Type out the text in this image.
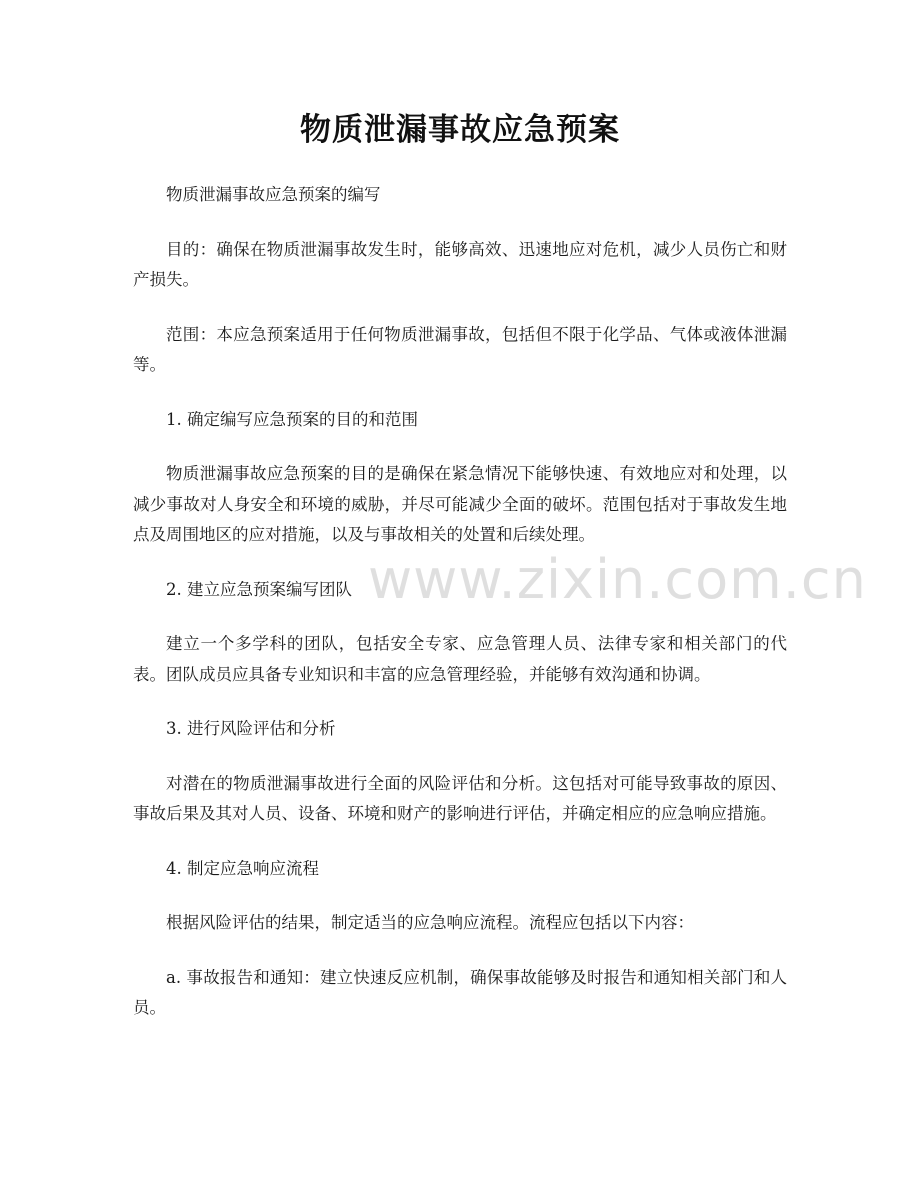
物质泄漏事故应急预案

物质泄漏事故应急预案的编写

目的：确保在物质泄漏事故发生时，能够高效、迅速地应对危机，减少人员伤亡和财产损失。

范围：本应急预案适用于任何物质泄漏事故，包括但不限于化学品、气体或液体泄漏等。

1. 确定编写应急预案的目的和范围

物质泄漏事故应急预案的目的是确保在紧急情况下能够快速、有效地应对和处理，以减少事故对人身安全和环境的威胁，并尽可能减少全面的破坏。范围包括对于事故发生地点及周围地区的应对措施，以及与事故相关的处置和后续处理。

2. 建立应急预案编写团队

建立一个多学科的团队，包括安全专家、应急管理人员、法律专家和相关部门的代表。团队成员应具备专业知识和丰富的应急管理经验，并能够有效沟通和协调。

3. 进行风险评估和分析

对潜在的物质泄漏事故进行全面的风险评估和分析。这包括对可能导致事故的原因、事故后果及其对人员、设备、环境和财产的影响进行评估，并确定相应的应急响应措施。

4. 制定应急响应流程

根据风险评估的结果，制定适当的应急响应流程。流程应包括以下内容：

a. 事故报告和通知：建立快速反应机制，确保事故能够及时报告和通知相关部门和人员。

www.zixin.com.cn
